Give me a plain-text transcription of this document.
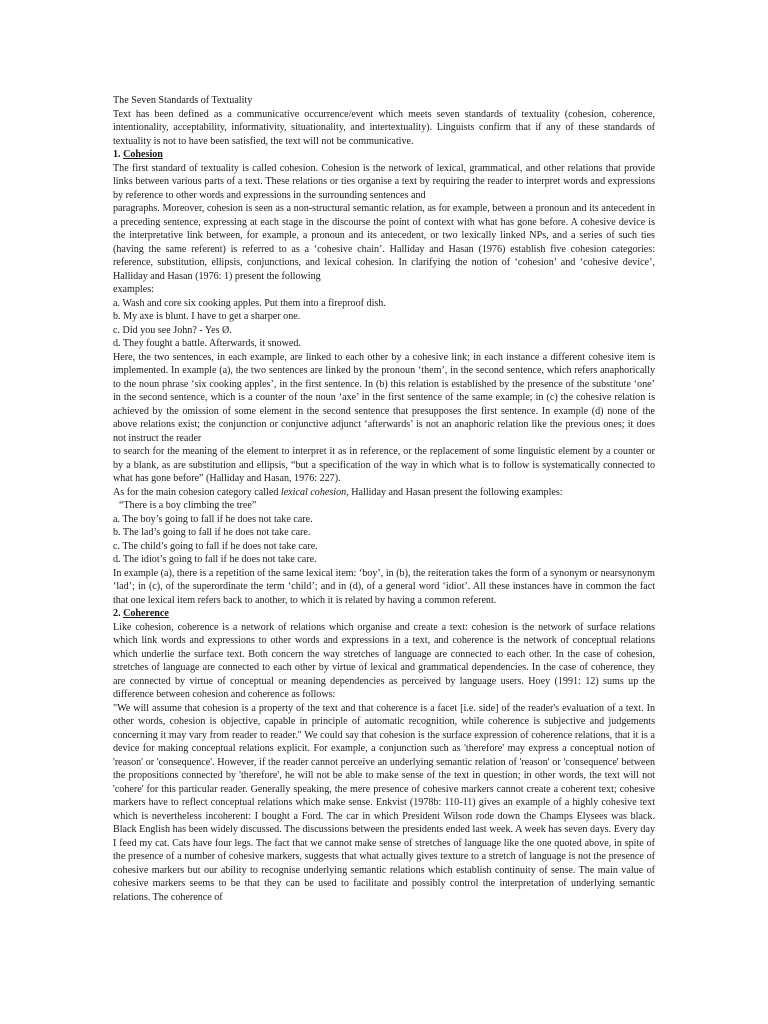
The Seven Standards of Textuality

Text has been defined as a communicative occurrence/event which meets seven standards of textuality (cohesion, coherence, intentionality, acceptability, informativity, situationality, and intertextuality). Linguists confirm that if any of these standards of textuality is not to have been satisfied, the text will not be communicative.

1. Cohesion

The first standard of textuality is called cohesion. Cohesion is the network of lexical, grammatical, and other relations that provide links between various parts of a text. These relations or ties organise a text by requiring the reader to interpret words and expressions by reference to other words and expressions in the surrounding sentences and

paragraphs. Moreover, cohesion is seen as a non-structural semantic relation, as for example, between a pronoun and its antecedent in a preceding sentence, expressing at each stage in the discourse the point of context with what has gone before. A cohesive device is the interpretative link between, for example, a pronoun and its antecedent, or two lexically linked NPs, and a series of such ties (having the same referent) is referred to as a ‘cohesive chain’. Halliday and Hasan (1976) establish five cohesion categories: reference, substitution, ellipsis, conjunctions, and lexical cohesion. In clarifying the notion of ‘cohesion’ and ‘cohesive device’, Halliday and Hasan (1976: 1) present the following

examples:

a. Wash and core six cooking apples. Put them into a fireproof dish.

b. My axe is blunt. I have to get a sharper one.

c. Did you see John? - Yes Ø.

d. They fought a battle. Afterwards, it snowed.

Here, the two sentences, in each example, are linked to each other by a cohesive link; in each instance a different cohesive item is implemented. In example (a), the two sentences are linked by the pronoun ‘them’, in the second sentence, which refers anaphorically to the noun phrase ‘six cooking apples’, in the first sentence. In (b) this relation is established by the presence of the substitute ‘one’ in the second sentence, which is a counter of the noun ‘axe’ in the first sentence of the same example; in (c) the cohesive relation is achieved by the omission of some element in the second sentence that presupposes the first sentence. In example (d) none of the above relations exist; the conjunction or conjunctive adjunct ‘afterwards’ is not an anaphoric relation like the previous ones; it does not instruct the reader

to search for the meaning of the element to interpret it as in reference, or the replacement of some linguistic element by a counter or by a blank, as are substitution and ellipsis, “but a specification of the way in which what is to follow is systematically connected to what has gone before” (Halliday and Hasan, 1976: 227).

As for the main cohesion category called lexical cohesion, Halliday and Hasan present the following examples:

“There is a boy climbing the tree”

a. The boy’s going to fall if he does not take care.

b. The lad’s going to fall if he does not take care.

c. The child’s going to fall if he does not take care.

d. The idiot’s going to fall if he does not take care.

In example (a), there is a repetition of the same lexical item: ‘boy’, in (b), the reiteration takes the form of a synonym or nearsynonym ‘lad’; in (c), of the superordinate the term ‘child’; and in (d), of a general word ‘idiot’. All these instances have in common the fact that one lexical item refers back to another, to which it is related by having a common referent.

2. Coherence

Like cohesion, coherence is a network of relations which organise and create a text: cohesion is the network of surface relations which link words and expressions to other words and expressions in a text, and coherence is the network of conceptual relations which underlie the surface text. Both concern the way stretches of language are connected to each other. In the case of cohesion, stretches of language are connected to each other by virtue of lexical and grammatical dependencies. In the case of coherence, they are connected by virtue of conceptual or meaning dependencies as perceived by language users. Hoey (1991: 12) sums up the difference between cohesion and coherence as follows:

"We will assume that cohesion is a property of the text and that coherence is a facet [i.e. side] of the reader's evaluation of a text. In other words, cohesion is objective, capable in principle of automatic recognition, while coherence is subjective and judgements concerning it may vary from reader to reader." We could say that cohesion is the surface expression of coherence relations, that it is a device for making conceptual relations explicit. For example, a conjunction such as 'therefore' may express a conceptual notion of 'reason' or 'consequence'. However, if the reader cannot perceive an underlying semantic relation of 'reason' or 'consequence' between the propositions connected by 'therefore', he will not be able to make sense of the text in question; in other words, the text will not 'cohere' for this particular reader. Generally speaking, the mere presence of cohesive markers cannot create a coherent text; cohesive markers have to reflect conceptual relations which make sense. Enkvist (1978b: 110-11) gives an example of a highly cohesive text which is nevertheless incoherent: I bought a Ford. The car in which President Wilson rode down the Champs Elysees was black. Black English has been widely discussed. The discussions between the presidents ended last week. A week has seven days. Every day I feed my cat. Cats have four legs. The fact that we cannot make sense of stretches of language like the one quoted above, in spite of the presence of a number of cohesive markers, suggests that what actually gives texture to a stretch of language is not the presence of cohesive markers but our ability to recognise underlying semantic relations which establish continuity of sense. The main value of cohesive markers seems to be that they can be used to facilitate and possibly control the interpretation of underlying semantic relations. The coherence of
